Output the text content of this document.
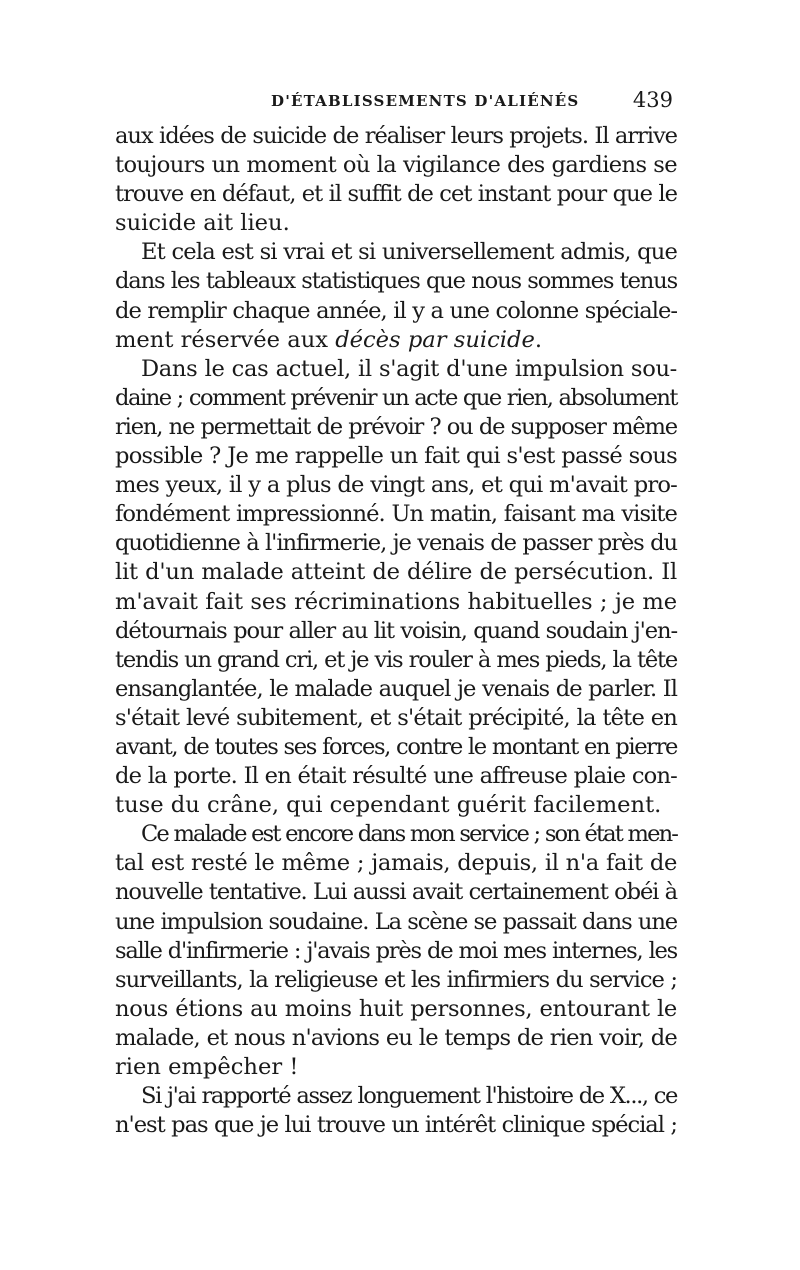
D'ÉTABLISSEMENTS D'ALIÉNÉS	439

aux idées de suicide de réaliser leurs projets. Il arrive
toujours un moment où la vigilance des gardiens se
trouve en défaut, et il suffit de cet instant pour que le
suicide ait lieu.

Et cela est si vrai et si universellement admis, que
dans les tableaux statistiques que nous sommes tenus
de remplir chaque année, il y a une colonne spéciale-
ment réservée aux décès par suicide.

Dans le cas actuel, il s'agit d'une impulsion sou-
daine ; comment prévenir un acte que rien, absolument
rien, ne permettait de prévoir ? ou de supposer même
possible ? Je me rappelle un fait qui s'est passé sous
mes yeux, il y a plus de vingt ans, et qui m'avait pro-
fondément impressionné. Un matin, faisant ma visite
quotidienne à l'infirmerie, je venais de passer près du
lit d'un malade atteint de délire de persécution. Il
m'avait fait ses récriminations habituelles ; je me
détournais pour aller au lit voisin, quand soudain j'en-
tendis un grand cri, et je vis rouler à mes pieds, la tête
ensanglantée, le malade auquel je venais de parler. Il
s'était levé subitement, et s'était précipité, la tête en
avant, de toutes ses forces, contre le montant en pierre
de la porte. Il en était résulté une affreuse plaie con-
tuse du crâne, qui cependant guérit facilement.

Ce malade est encore dans mon service ; son état men-
tal est resté le même ; jamais, depuis, il n'a fait de
nouvelle tentative. Lui aussi avait certainement obéi à
une impulsion soudaine. La scène se passait dans une
salle d'infirmerie : j'avais près de moi mes internes, les
surveillants, la religieuse et les infirmiers du service ;
nous étions au moins huit personnes, entourant le
malade, et nous n'avions eu le temps de rien voir, de
rien empêcher !

Si j'ai rapporté assez longuement l'histoire de X..., ce
n'est pas que je lui trouve un intérêt clinique spécial ;
